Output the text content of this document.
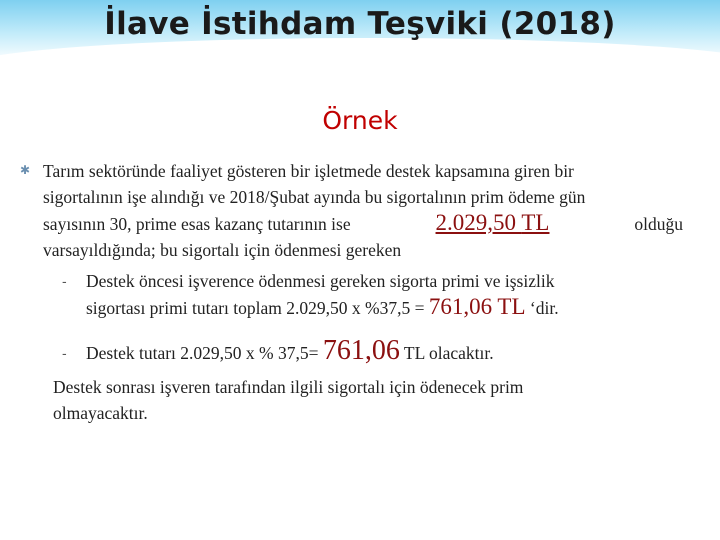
İlave İstihdam Teşviki (2018)
Örnek
✱ Tarım sektöründe faaliyet gösteren bir işletmede destek kapsamına giren bir

sigortalının işe alındığı ve 2018/Şubat ayında bu sigortalının prim ödeme gün

sayısının 30, prime esas kazanç tutarının ise	2.029,50 TL	olduğu

varsayıldığında; bu sigortalı için ödenmesi gereken

- Destek öncesi işverence ödenmesi gereken sigorta primi ve işsizlik

sigortası primi tutarı toplam 2.029,50 x %37,5 = 761,06 TL ‘dir.

- Destek tutarı 2.029,50 x % 37,5= 761,06 TL olacaktır.

Destek sonrası işveren tarafından ilgili sigortalı için ödenecek prim

olmayacaktır.
